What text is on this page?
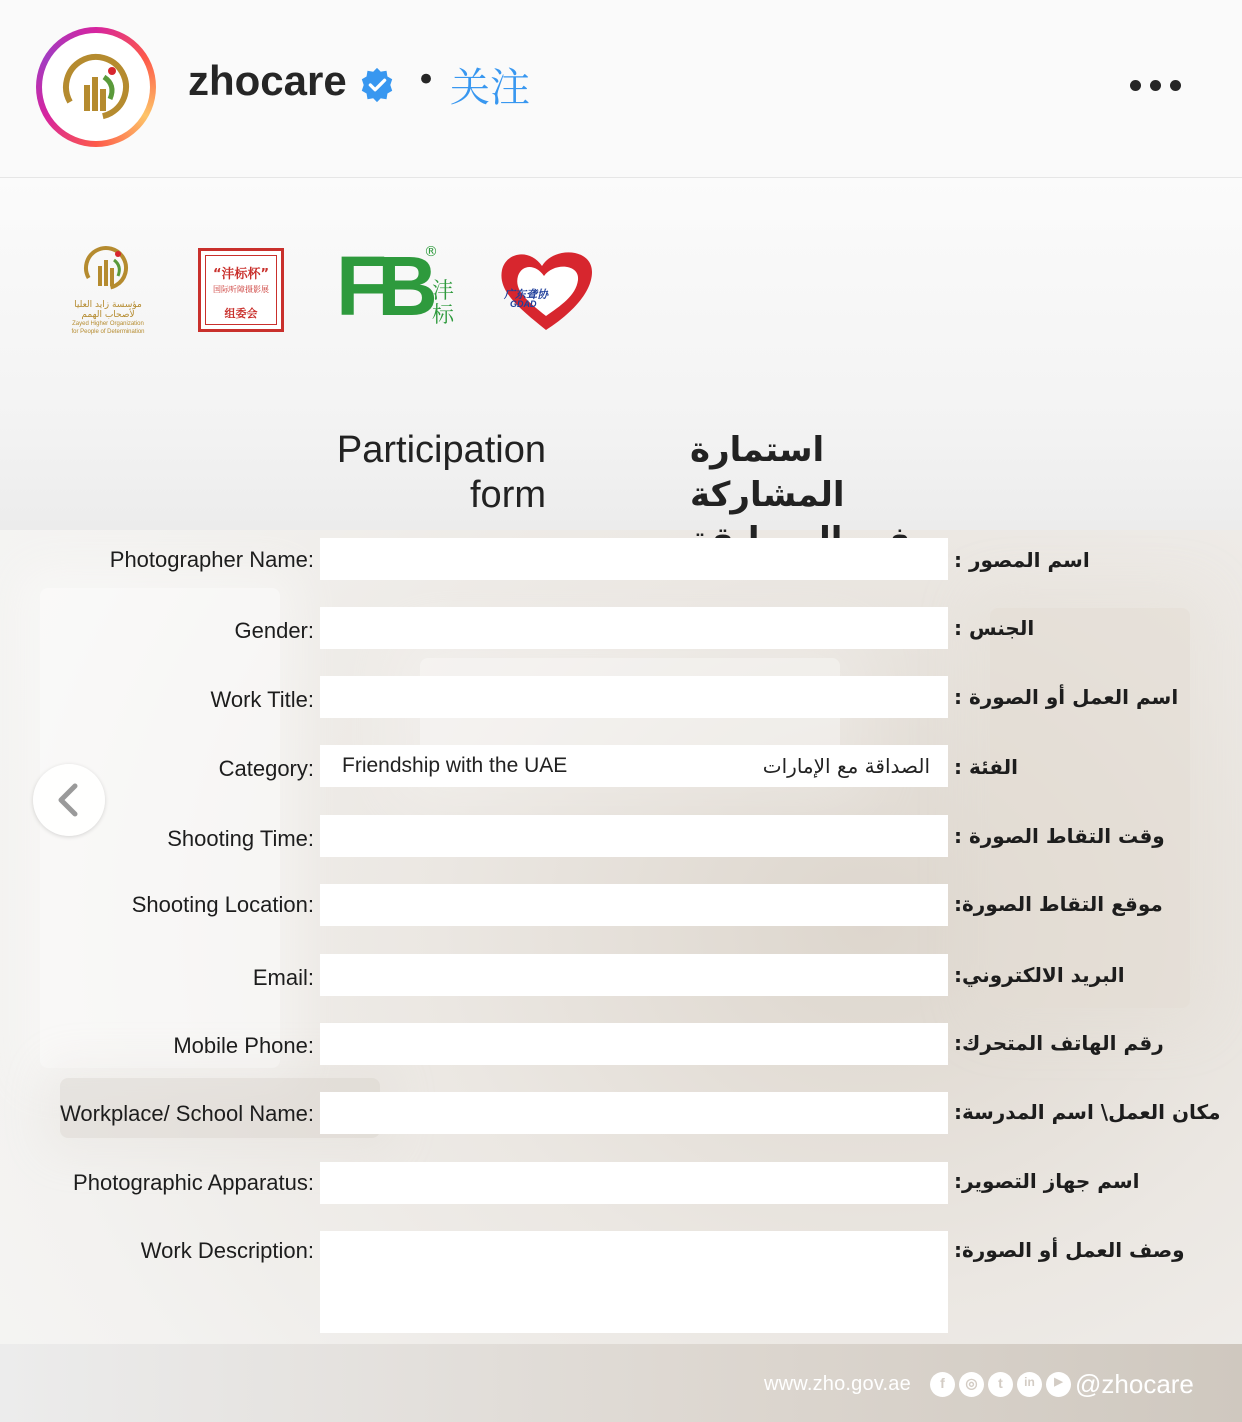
zhocare • 关注
مؤسسة زايد العليا
لأصحاب الهمم
Zayed Higher Organization
for People of Determination
“沣标杯”
国际听障摄影展
组委会 FB
®
沣标
广东聋协
GDAD
Participation
form
استمارة المشاركة
Photographer Name:	: اسم المصور
Gender:	: الجنس
Work Title:	: اسم العمل أو الصورة
Category: Friendship with the UAE	الصداقة مع الإمارات : الفئة
Shooting Time:	: وقت التقاط الصورة
Shooting Location:	:موقع التقاط الصورة
Email:	:البريد الالكتروني
Mobile Phone:	:رقم الهاتف المتحرك
Workplace/ School Name:	:مكان العمل\ اسم المدرسة
Photographic Apparatus:	:اسم جهاز التصوير
Work Description:	:وصف العمل أو الصورة
www.zho.gov.ae	f	◎	t	in	▶ @zhocare
